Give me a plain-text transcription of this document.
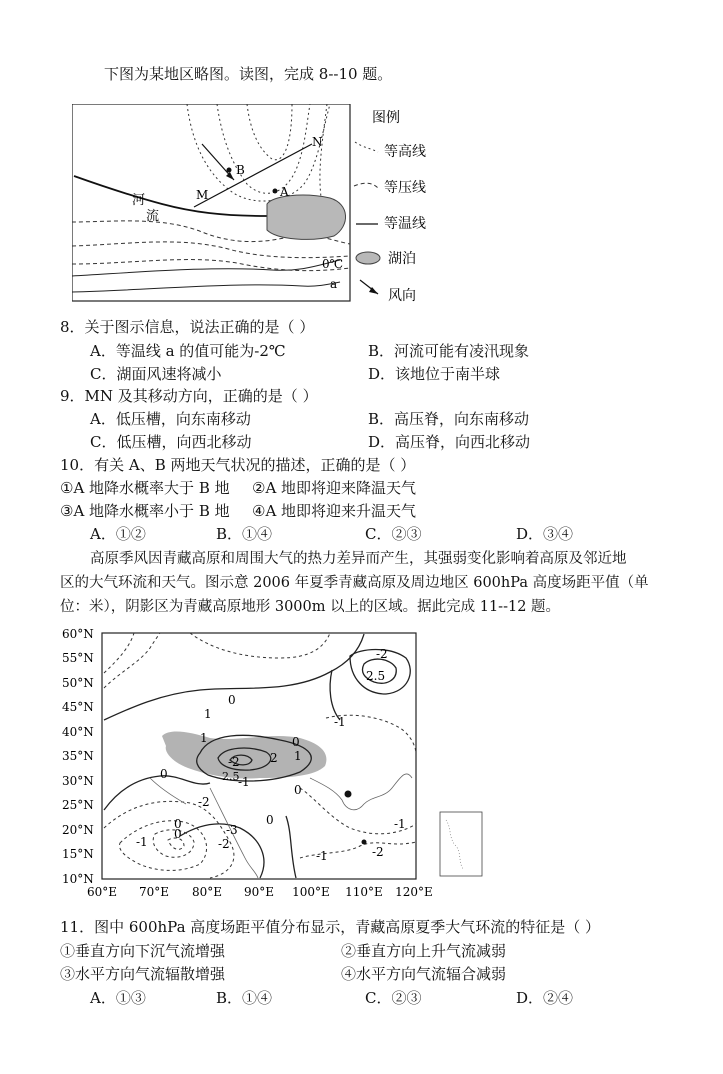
下图为某地区略图。读图，完成 8--10 题。
河
流
B
A
M
N
0℃
a
图例
等高线
等压线
等温线
湖泊
风向
8．关于图示信息，说法正确的是（ ）
A．等温线 a 的值可能为-2℃	B．河流可能有凌汛现象
C．湖面风速将减小	D．该地位于南半球
9．MN 及其移动方向，正确的是（ ）
A．低压槽，向东南移动	B．高压脊，向东南移动
C．低压槽，向西北移动	D．高压脊，向西北移动
10．有关 A、B 两地天气状况的描述，正确的是（ ）
①A 地降水概率大于 B 地 ②A 地即将迎来降温天气
③A 地降水概率小于 B 地 ④A 地即将迎来升温天气
A．①②	B．①④	C．②③	D．③④
高原季风因青藏高原和周围大气的热力差异而产生，其强弱变化影响着高原及邻近地
区的大气环流和天气。图示意 2006 年夏季青藏高原及周边地区 600hPa 高度场距平值（单
位：米），阴影区为青藏高原地形 3000m 以上的区域。据此完成 11--12 题。
-2
2.5
0
1
-1
0
1
0
-2
2.5
2
1
0
-1
0
-2
-3
-1	-2
0
0	-1
-1	-2
60°N
55°N
50°N
45°N
40°N
35°N
30°N
25°N
20°N
15°N
10°N
60°E 70°E 80°E 90°E 100°E 110°E 120°E
11．图中 600hPa 高度场距平值分布显示，青藏高原夏季大气环流的特征是（ ）
①垂直方向下沉气流增强	②垂直方向上升气流减弱
③水平方向气流辐散增强	④水平方向气流辐合减弱
A．①③	B．①④	C．②③	D．②④
